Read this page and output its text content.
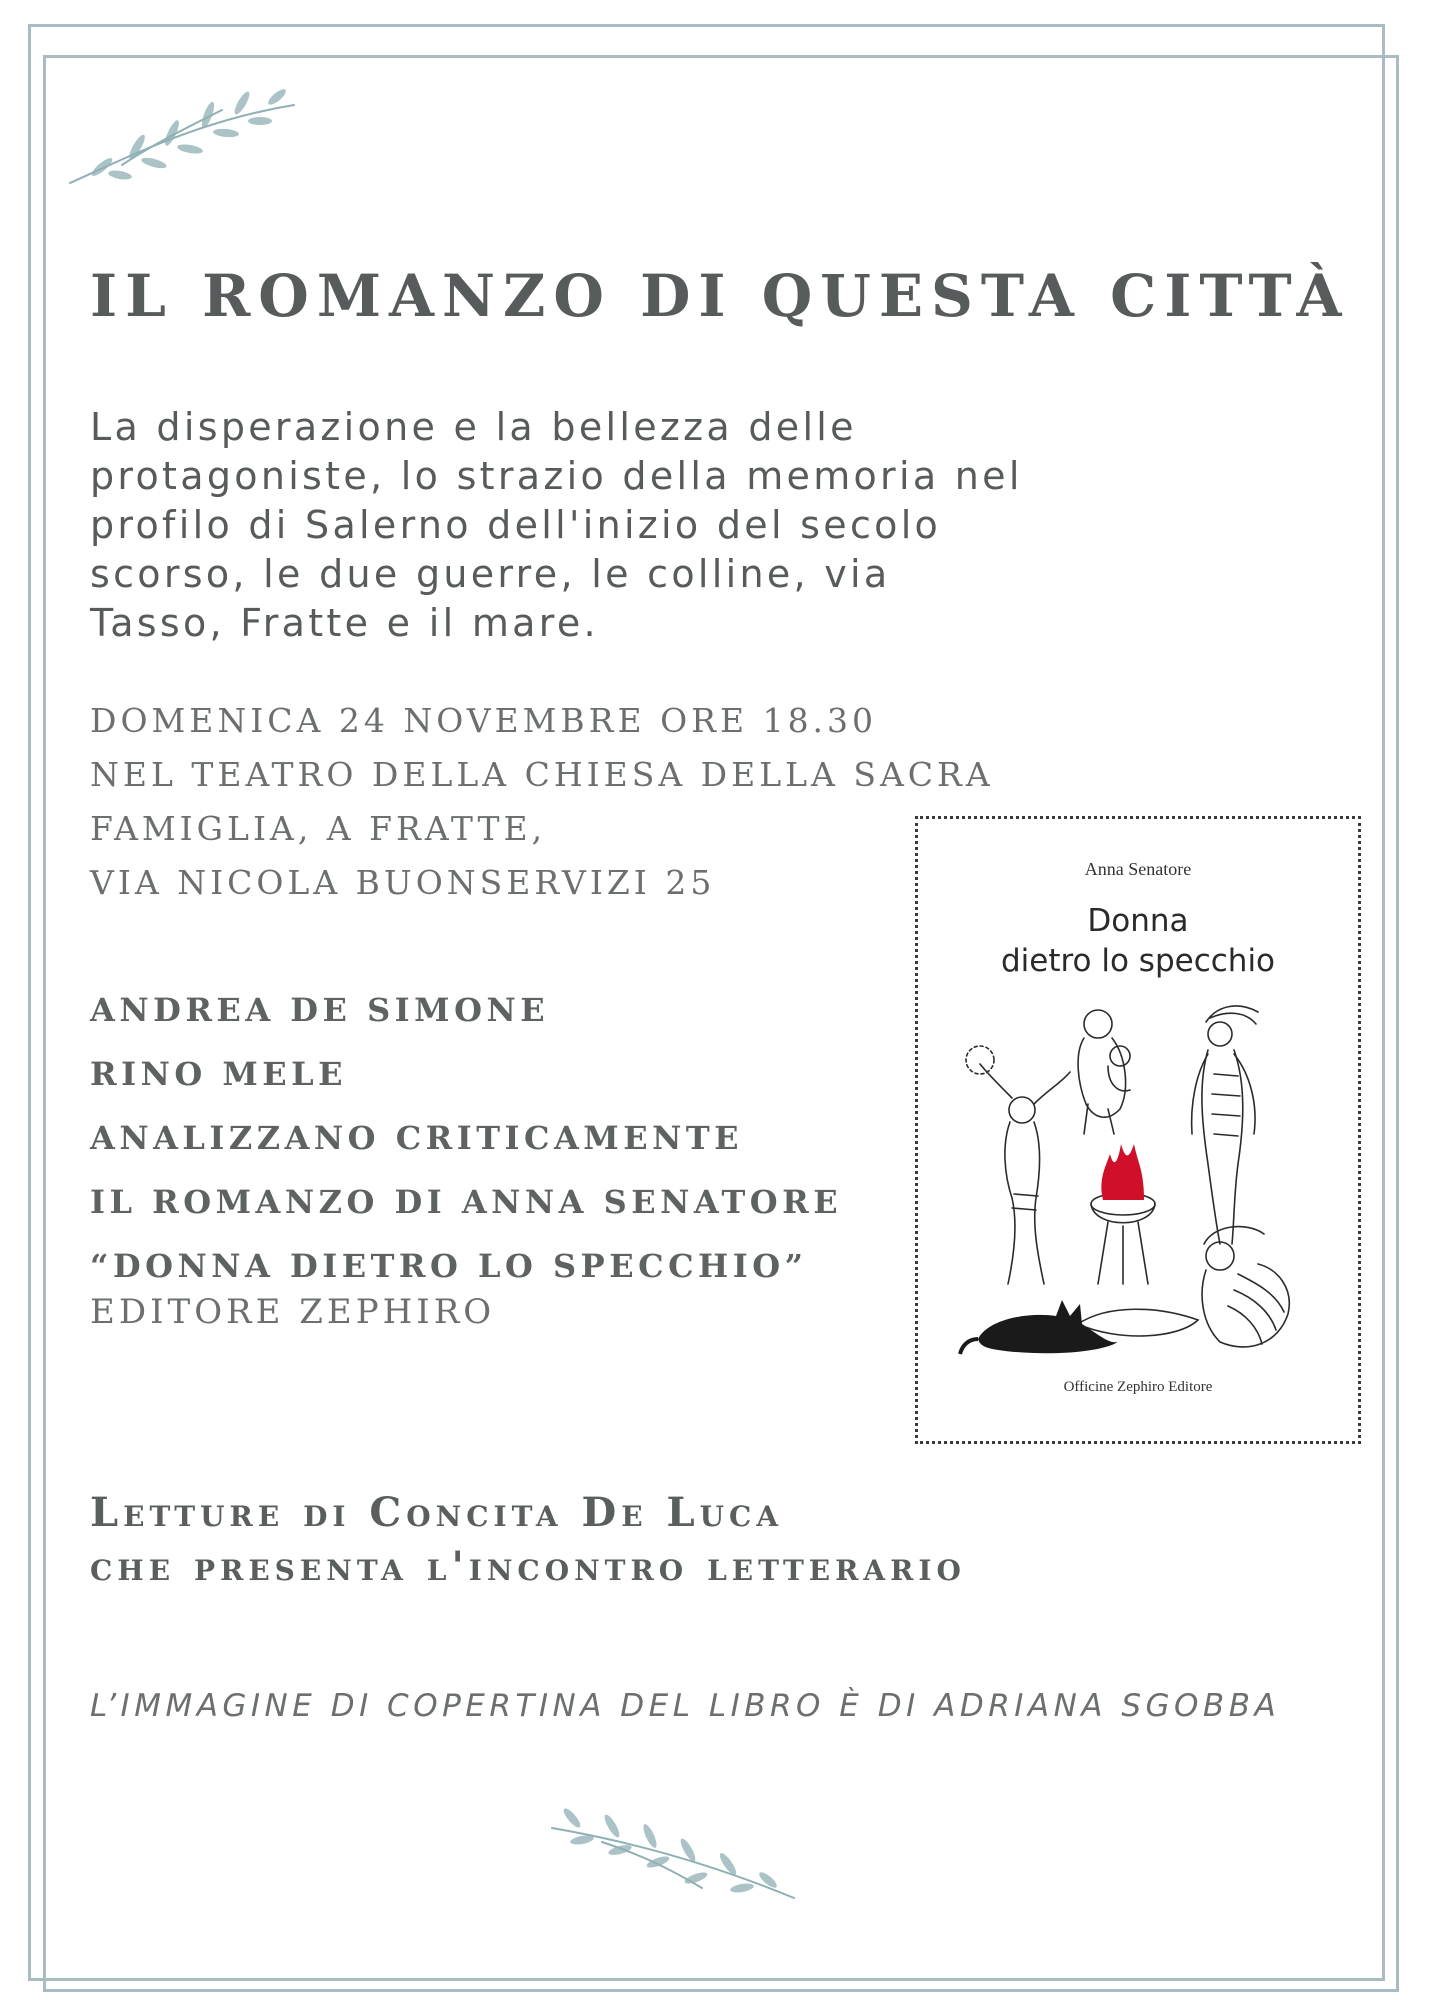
IL ROMANZO DI QUESTA CITTÀ

La disperazione e la bellezza delle
protagoniste, lo strazio della memoria nel
profilo di Salerno dell'inizio del secolo
scorso, le due guerre, le colline, via
Tasso, Fratte e il mare.

DOMENICA 24 NOVEMBRE ORE 18.30
NEL TEATRO DELLA CHIESA DELLA SACRA
FAMIGLIA, A FRATTE,
VIA NICOLA BUONSERVIZI 25
ANDREA DE SIMONE
RINO MELE
ANALIZZANO CRITICAMENTE
IL ROMANZO DI ANNA SENATORE
“DONNA DIETRO LO SPECCHIO”

EDITORE ZEPHIRO

Anna Senatore
Donna
dietro lo specchio
Officine Zephiro Editore
Letture di Concita De Luca
che presenta l'incontro letterario

L’IMMAGINE DI COPERTINA DEL LIBRO È DI ADRIANA SGOBBA
